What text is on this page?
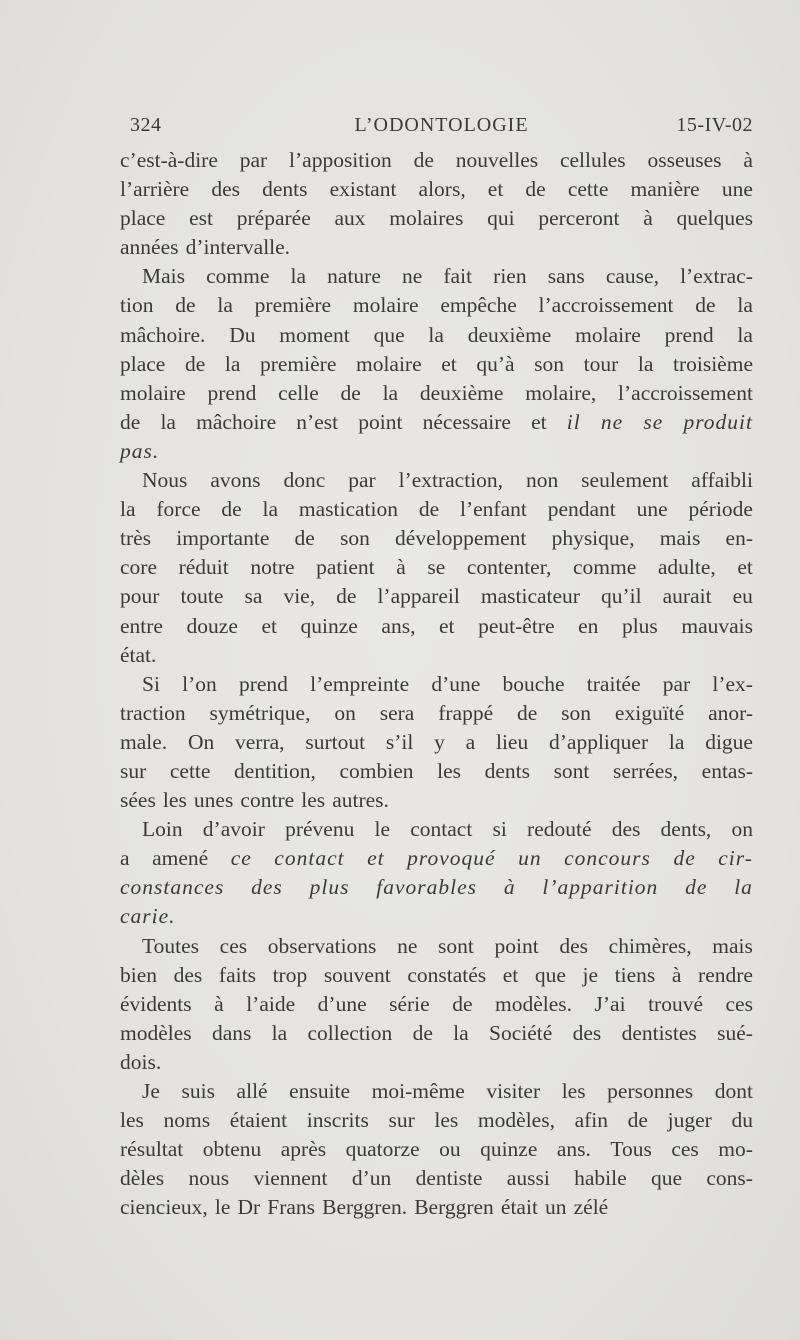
324	L’ODONTOLOGIE	15-IV-02
c’est-à-dire par l’apposition de nouvelles cellules osseuses à
l’arrière des dents existant alors, et de cette manière une
place est préparée aux molaires qui perceront à quelques
années d’intervalle.
Mais comme la nature ne fait rien sans cause, l’extrac-
tion de la première molaire empêche l’accroissement de la
mâchoire. Du moment que la deuxième molaire prend la
place de la première molaire et qu’à son tour la troisième
molaire prend celle de la deuxième molaire, l’accroissement
de la mâchoire n’est point nécessaire et il ne se produit
pas.
Nous avons donc par l’extraction, non seulement affaibli
la force de la mastication de l’enfant pendant une période
très importante de son développement physique, mais en-
core réduit notre patient à se contenter, comme adulte, et
pour toute sa vie, de l’appareil masticateur qu’il aurait eu
entre douze et quinze ans, et peut-être en plus mauvais
état.
Si l’on prend l’empreinte d’une bouche traitée par l’ex-
traction symétrique, on sera frappé de son exiguïté anor-
male. On verra, surtout s’il y a lieu d’appliquer la digue
sur cette dentition, combien les dents sont serrées, entas-
sées les unes contre les autres.
Loin d’avoir prévenu le contact si redouté des dents, on
a amené ce contact et provoqué un concours de cir-
constances des plus favorables à l’apparition de la
carie.
Toutes ces observations ne sont point des chimères, mais
bien des faits trop souvent constatés et que je tiens à rendre
évidents à l’aide d’une série de modèles. J’ai trouvé ces
modèles dans la collection de la Société des dentistes sué-
dois.
Je suis allé ensuite moi-même visiter les personnes dont
les noms étaient inscrits sur les modèles, afin de juger du
résultat obtenu après quatorze ou quinze ans. Tous ces mo-
dèles nous viennent d’un dentiste aussi habile que cons-
ciencieux, le Dr Frans Berggren. Berggren était un zélé
